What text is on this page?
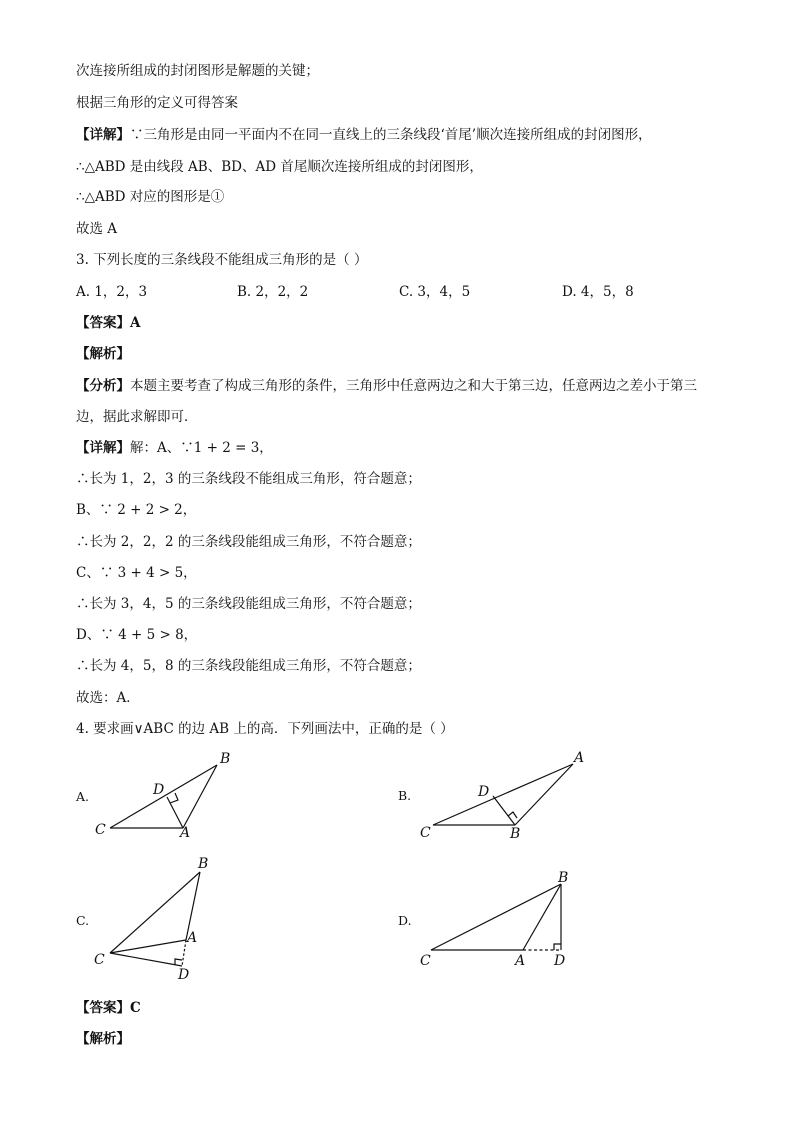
次连接所组成的封闭图形是解题的关键；
根据三角形的定义可得答案
【详解】∵三角形是由同一平面内不在同一直线上的三条线段‘首尾’顺次连接所组成的封闭图形，
∴△ABD 是由线段 AB、BD、AD 首尾顺次连接所组成的封闭图形，
∴△ABD 对应的图形是①
故选 A
3. 下列长度的三条线段不能组成三角形的是（ ）
A. 1，2，3	B. 2，2，2	C. 3，4，5	D. 4，5，8
【答案】A
【解析】
【分析】本题主要考查了构成三角形的条件，三角形中任意两边之和大于第三边，任意两边之差小于第三
边，据此求解即可．
【详解】解：A、∵1 + 2 = 3，
∴长为 1，2，3 的三条线段不能组成三角形，符合题意；
B、∵ 2 + 2 > 2，
∴长为 2，2，2 的三条线段能组成三角形，不符合题意；
C、∵ 3 + 4 > 5，
∴长为 3，4，5 的三条线段能组成三角形，不符合题意；
D、∵ 4 + 5 > 8，
∴长为 4，5，8 的三条线段能组成三角形，不符合题意；
故选：A．
4. 要求画∨ABC 的边 AB 上的高．下列画法中，正确的是（ ）
A.
B
D
C	A
B.
A
D
C	B
C.
B
A
C
D
D.
B
C	A D
【答案】C
【解析】
